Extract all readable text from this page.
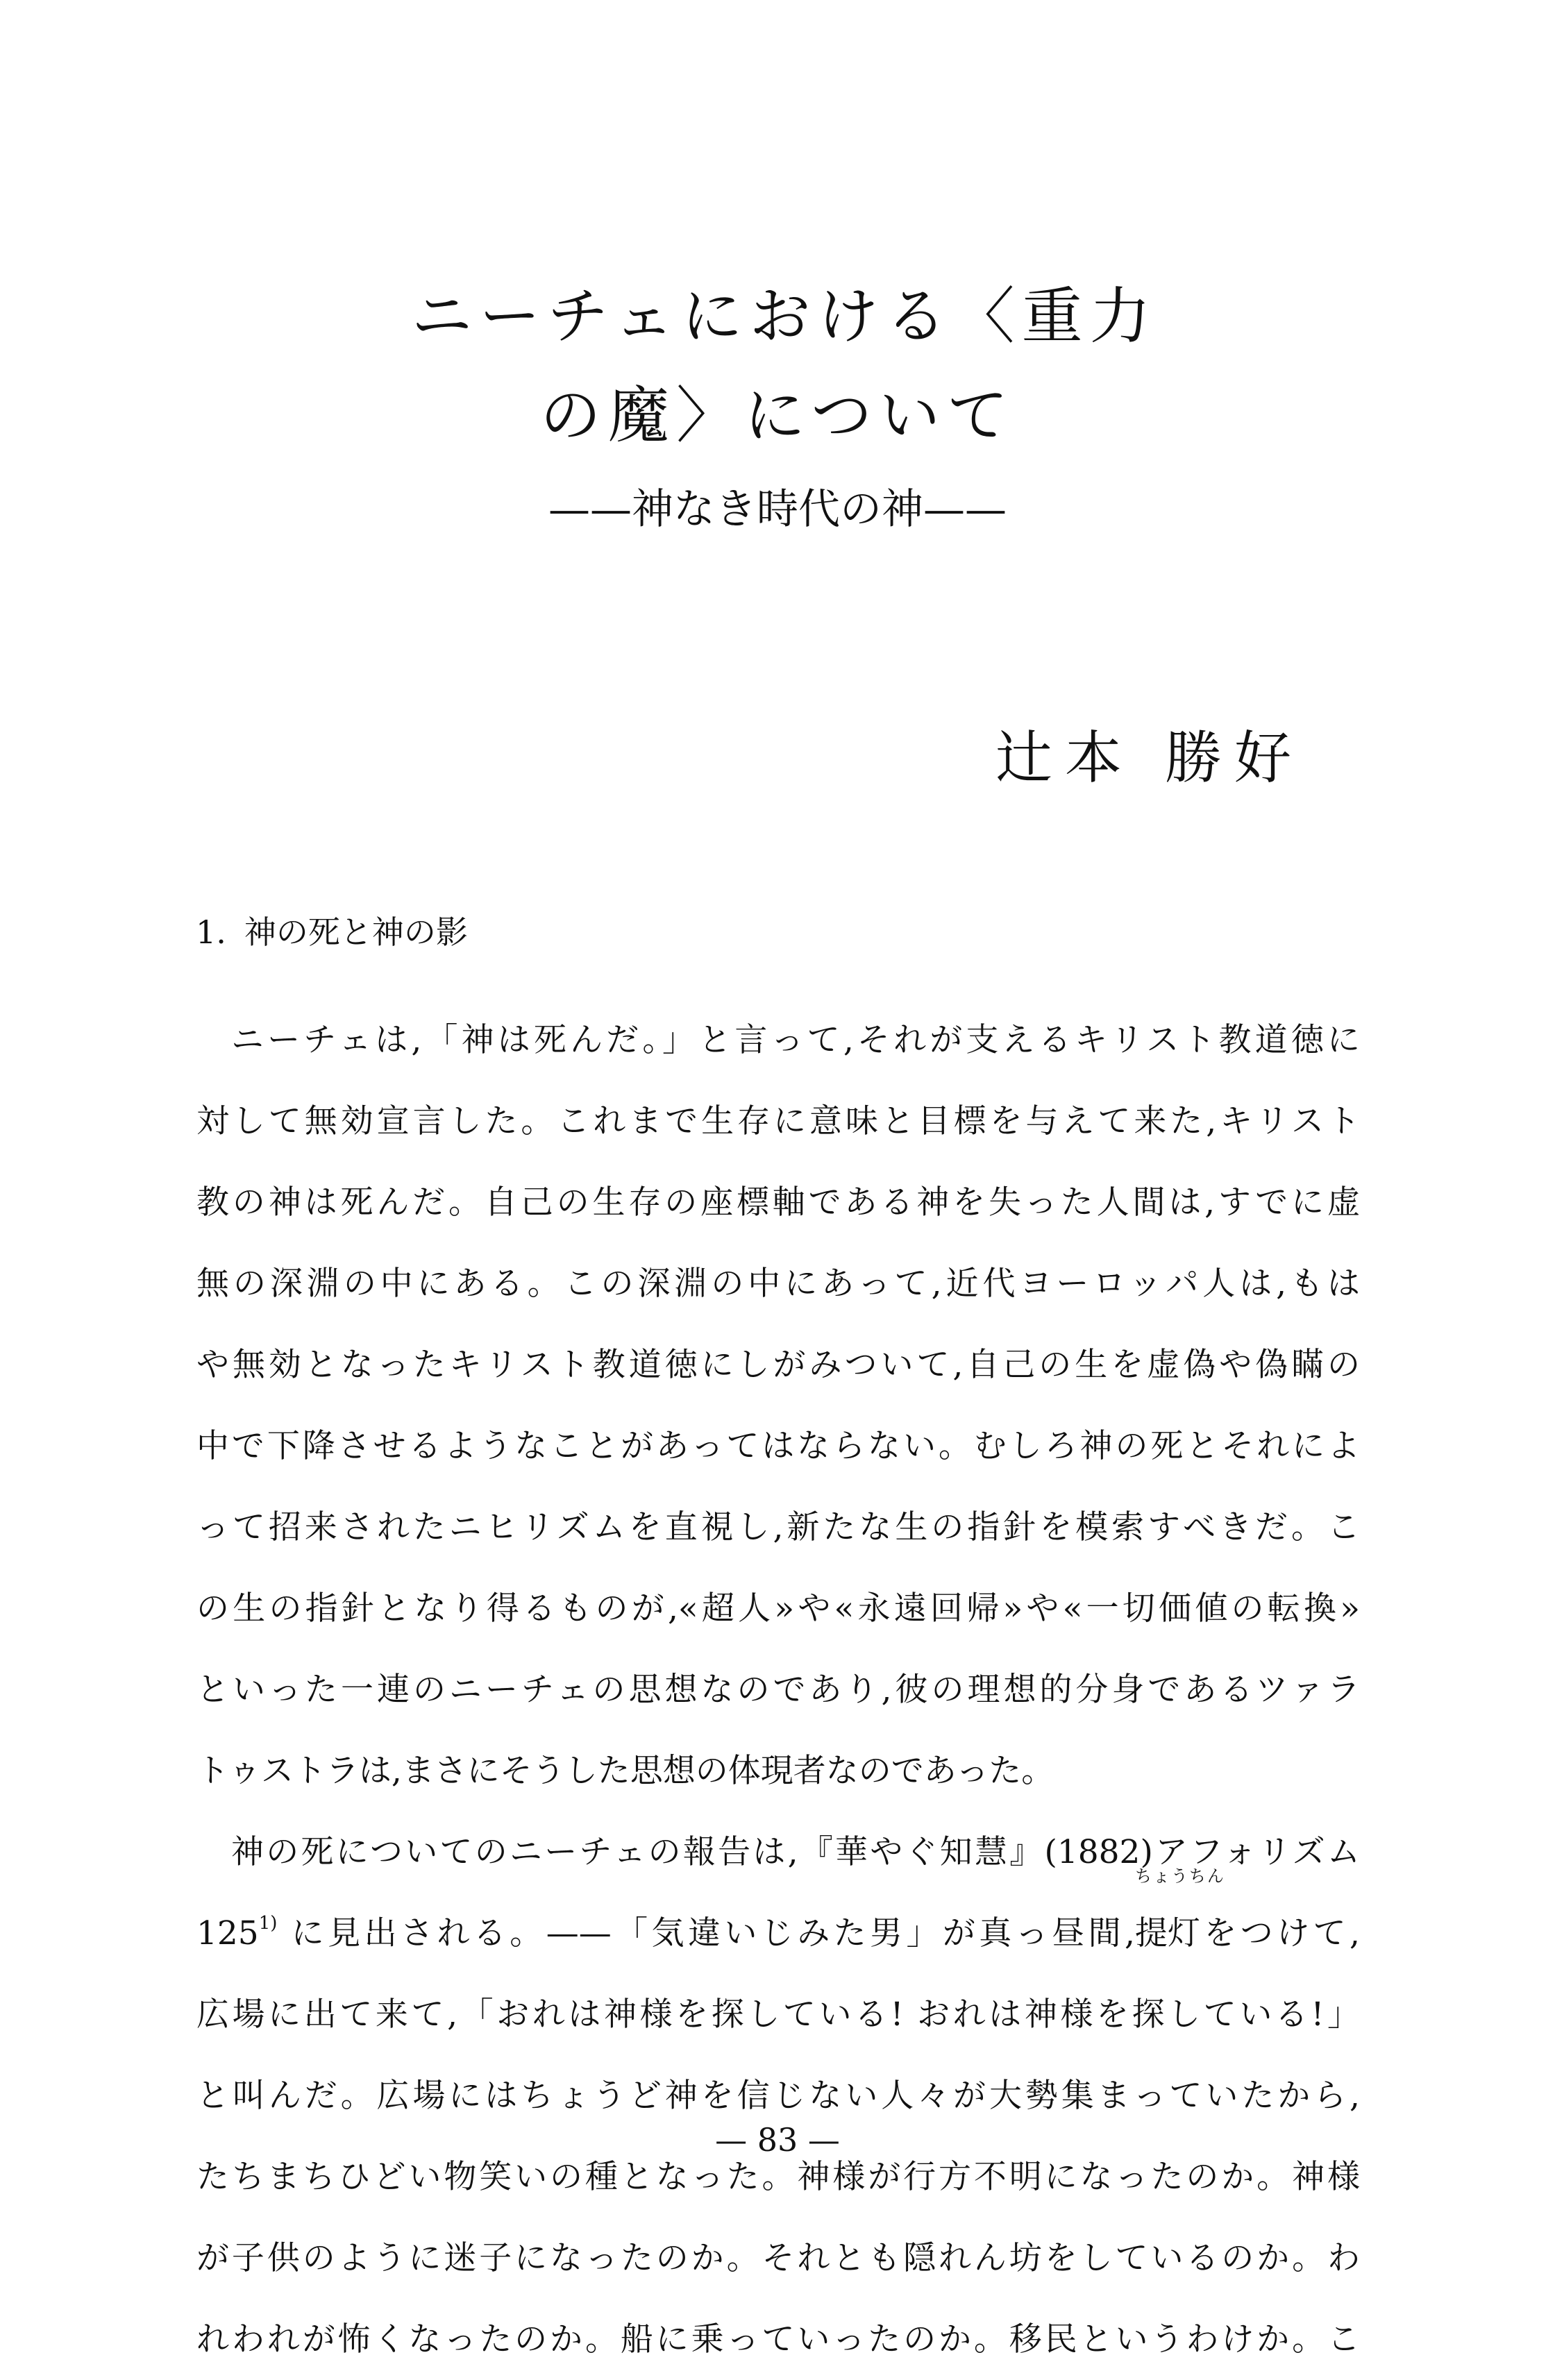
ニーチェにおける〈重力
の魔〉について
——神なき時代の神——
辻本 勝好
1. 神の死と神の影
ニーチェは,「神は死んだ。」と言って,それが支えるキリスト教道徳に
対して無効宣言した。これまで生存に意味と目標を与えて来た,キリスト
教の神は死んだ。自己の生存の座標軸である神を失った人間は,すでに虚
無の深淵の中にある。この深淵の中にあって,近代ヨーロッパ人は,もは
や無効となったキリスト教道徳にしがみついて,自己の生を虚偽や偽瞞の
中で下降させるようなことがあってはならない。むしろ神の死とそれによ
って招来されたニヒリズムを直視し,新たな生の指針を模索すべきだ。こ
の生の指針となり得るものが,«超人»や«永遠回帰»や«一切価値の転換»
といった一連のニーチェの思想なのであり,彼の理想的分身であるツァラ
トゥストラは,まさにそうした思想の体現者なのであった。
神の死についてのニーチェの報告は,『華やぐ知慧』(1882)アフォリズム
125$^{1)}$ に見出される。——「気違いじみた男」が真っ昼間,
ちょうちん
提灯をつけて,
広場に出て来て,「おれは神様を探している! おれは神様を探している!」
と叫んだ。広場にはちょうど神を信じない人々が大勢集まっていたから,
たちまちひどい物笑いの種となった。神様が行方不明になったのか。神様
が子供のように迷子になったのか。それとも隠れん坊をしているのか。わ
れわれが怖くなったのか。船に乗っていったのか。移民というわけか。こ
— 83 —
